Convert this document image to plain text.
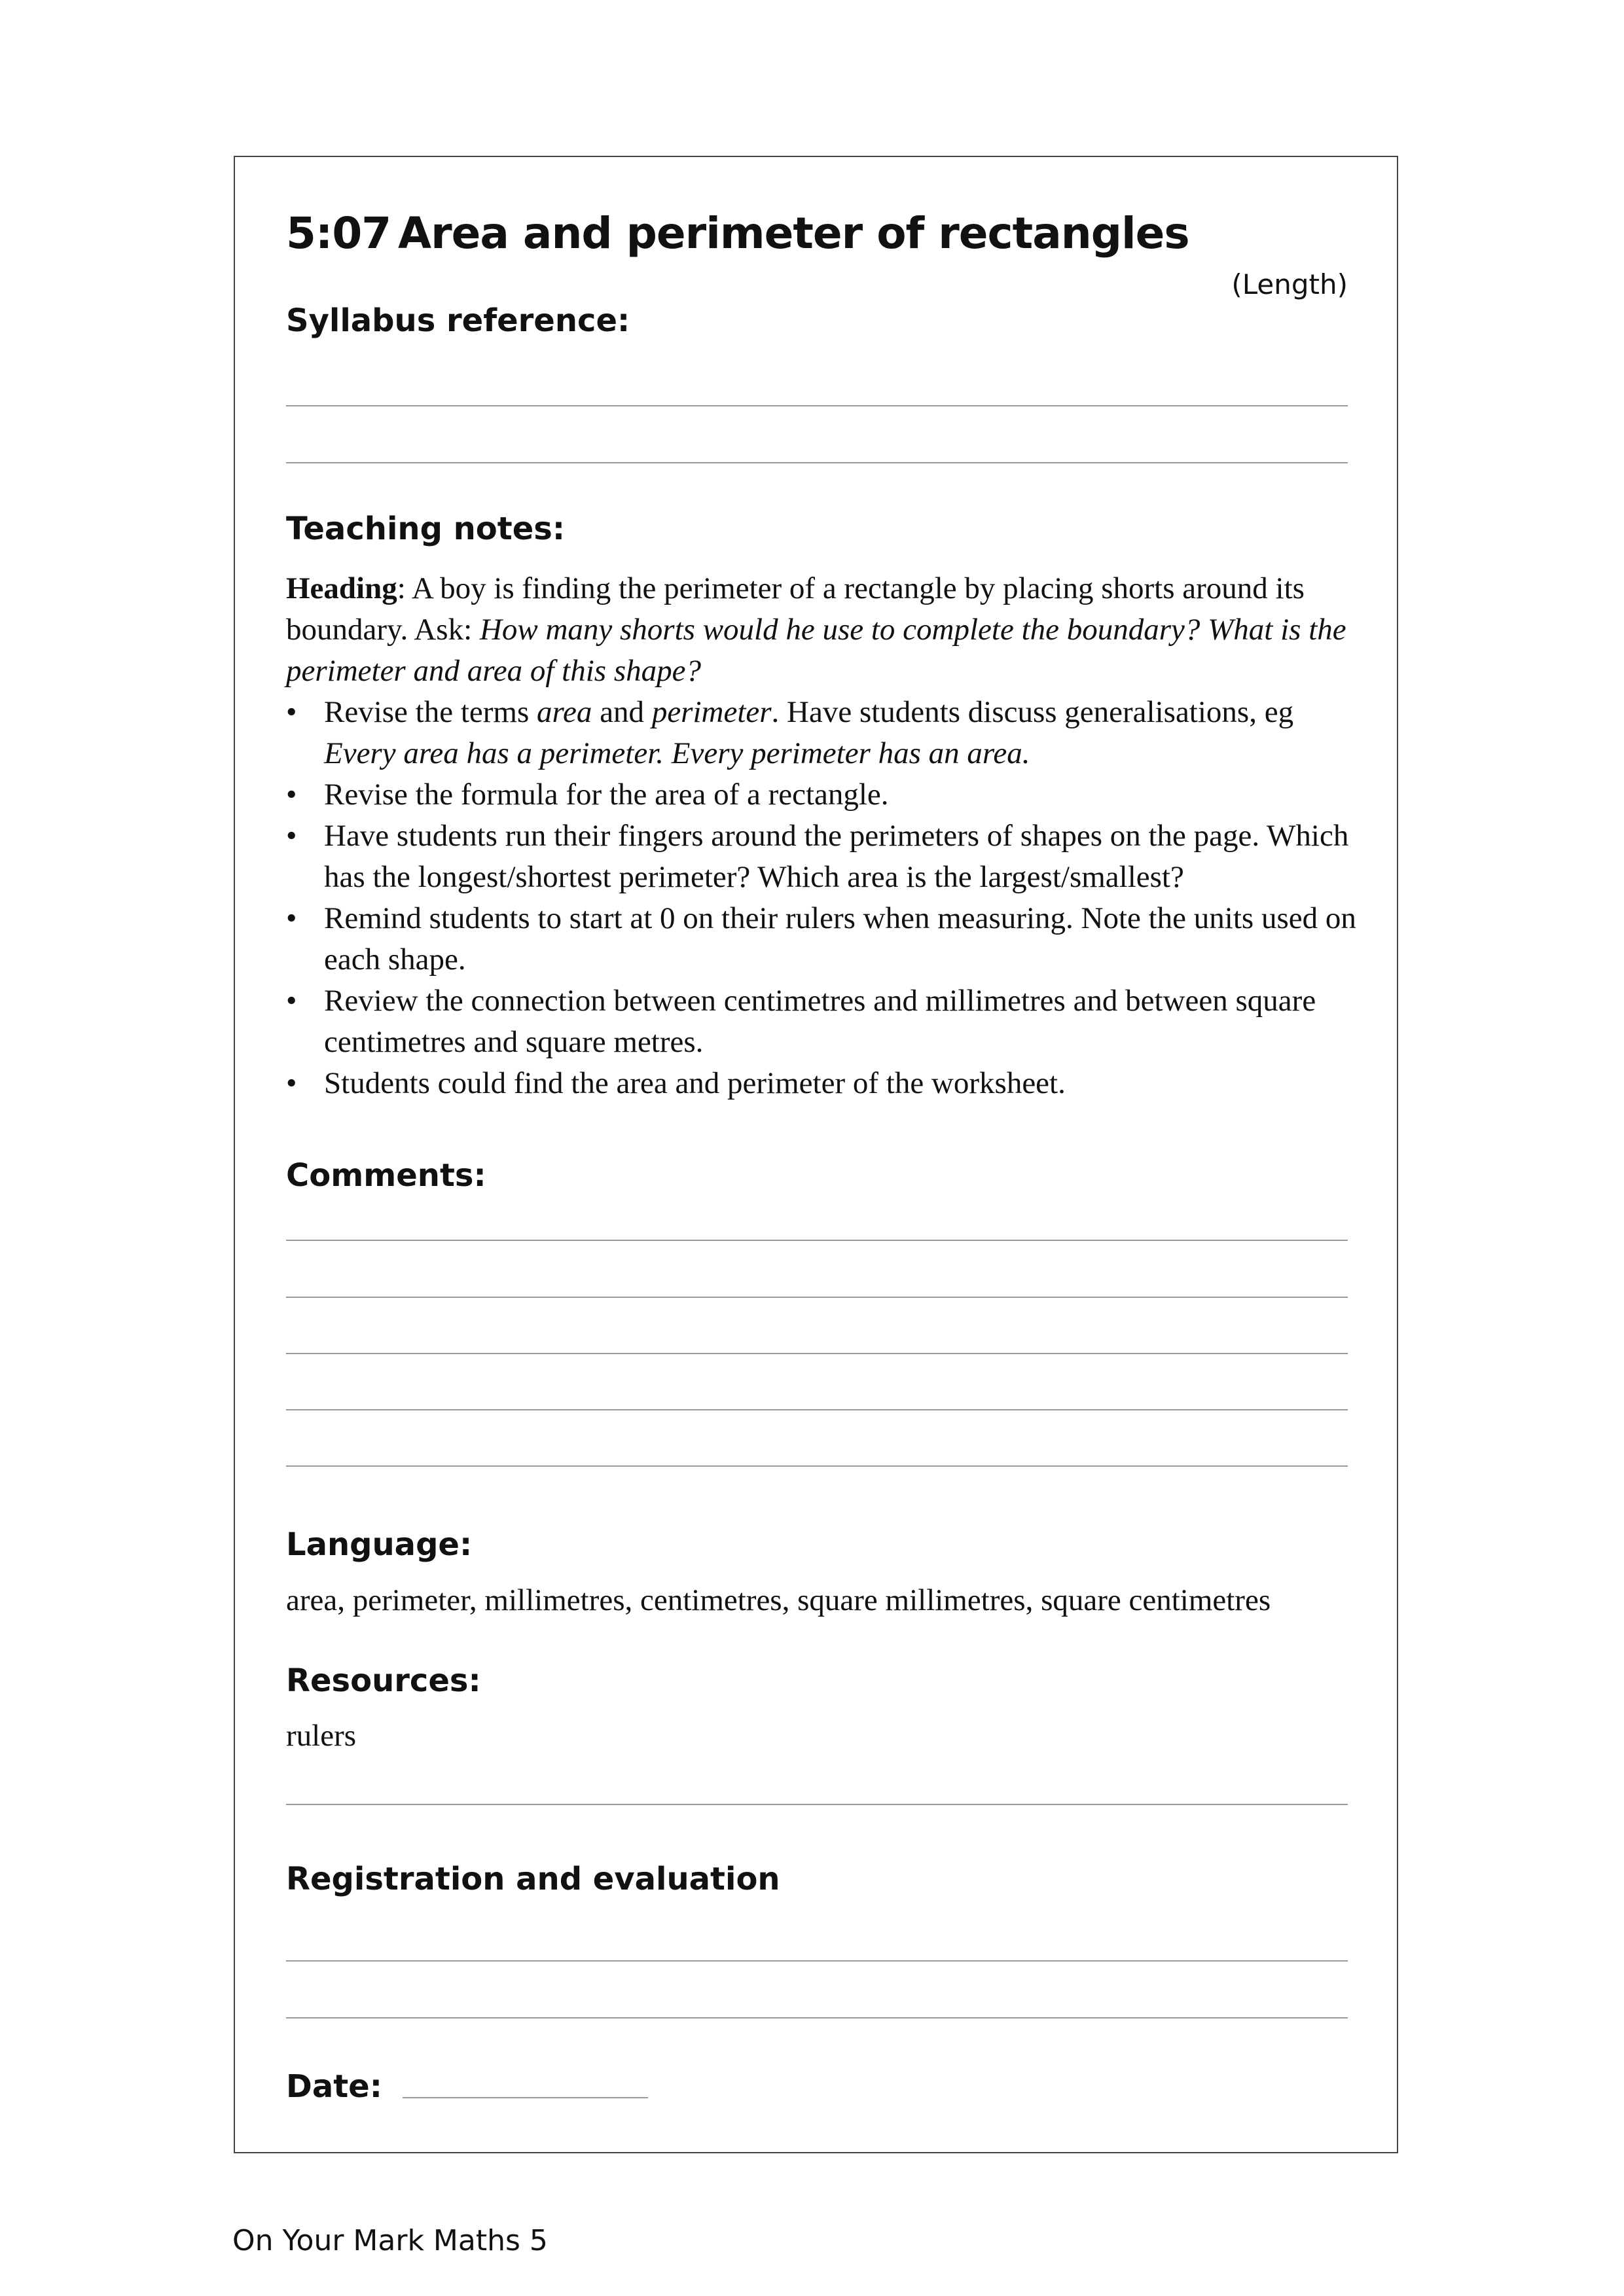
5:07 Area and perimeter of rectangles
(Length)
Syllabus reference:
Teaching notes:

Heading: A boy is finding the perimeter of a rectangle by placing shorts around its boundary. Ask: How many shorts would he use to complete the boundary? What is the perimeter and area of this shape?

• Revise the terms area and perimeter. Have students discuss generalisations, eg Every area has a perimeter. Every perimeter has an area.
• Revise the formula for the area of a rectangle.
• Have students run their fingers around the perimeters of shapes on the page. Which has the longest/shortest perimeter? Which area is the largest/smallest?
• Remind students to start at 0 on their rulers when measuring. Note the units used on each shape.
• Review the connection between centimetres and millimetres and between square centimetres and square metres.
• Students could find the area and perimeter of the worksheet.
Comments:
Language:
area, perimeter, millimetres, centimetres, square millimetres, square centimetres
Resources:
rulers
Registration and evaluation
Date:
On Your Mark Maths 5
